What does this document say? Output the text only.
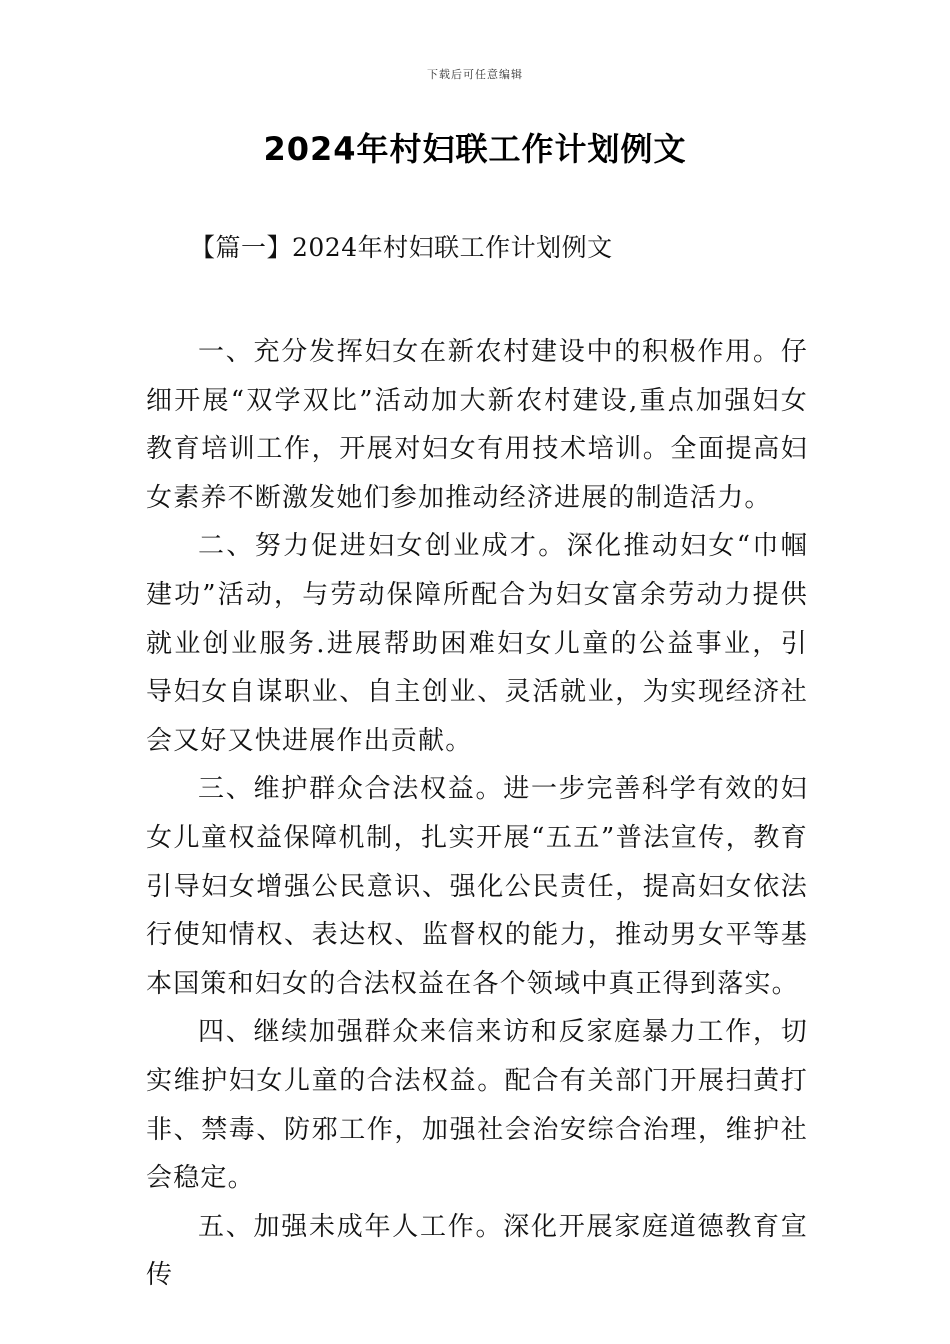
下载后可任意编辑
2024年村妇联工作计划例文
【篇一】2024年村妇联工作计划例文

一、充分发挥妇女在新农村建设中的积极作用。仔细开展“双学双比”活动加大新农村建设,重点加强妇女教育培训工作，开展对妇女有用技术培训。全面提高妇女素养不断激发她们参加推动经济进展的制造活力。

二、努力促进妇女创业成才。深化推动妇女“巾帼建功”活动，与劳动保障所配合为妇女富余劳动力提供就业创业服务.进展帮助困难妇女儿童的公益事业，引导妇女自谋职业、自主创业、灵活就业，为实现经济社会又好又快进展作出贡献。

三、维护群众合法权益。进一步完善科学有效的妇女儿童权益保障机制，扎实开展“五五”普法宣传，教育引导妇女增强公民意识、强化公民责任，提高妇女依法行使知情权、表达权、监督权的能力，推动男女平等基本国策和妇女的合法权益在各个领域中真正得到落实。

四、继续加强群众来信来访和反家庭暴力工作，切实维护妇女儿童的合法权益。配合有关部门开展扫黄打非、禁毒、防邪工作，加强社会治安综合治理，维护社会稳定。

五、加强未成年人工作。深化开展家庭道德教育宣传
